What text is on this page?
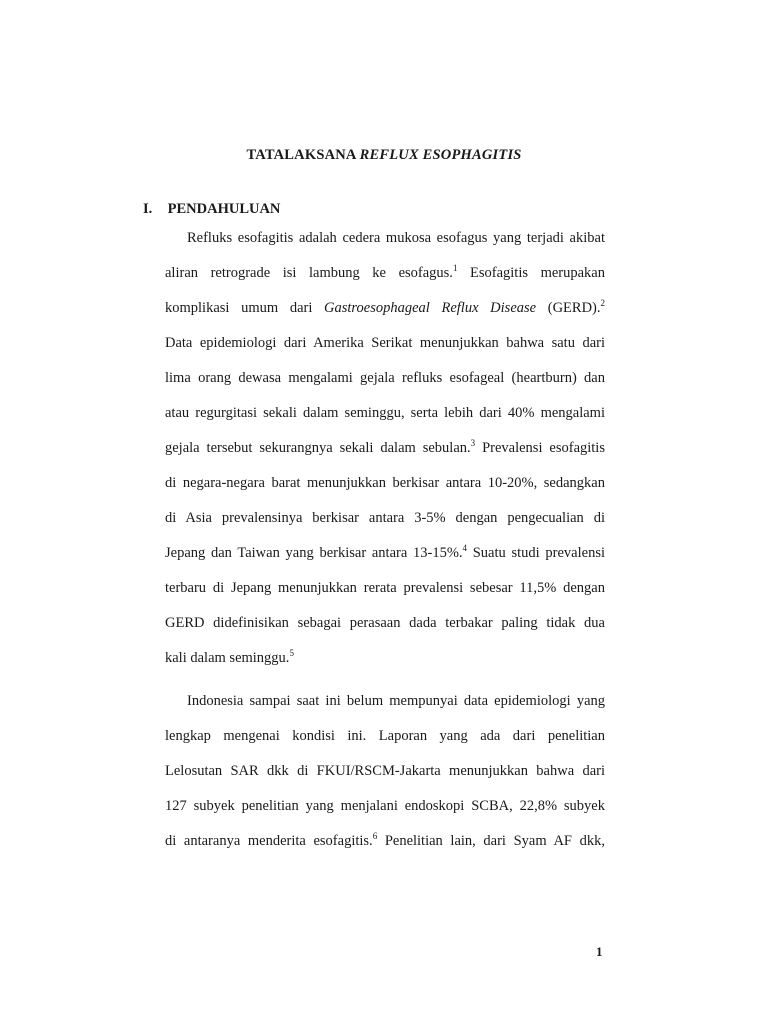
TATALAKSANA REFLUX ESOPHAGITIS
I. PENDAHULUAN
Refluks esofagitis adalah cedera mukosa esofagus yang terjadi akibat
aliran retrograde isi lambung ke esofagus.$^1$ Esofagitis merupakan
komplikasi umum dari Gastroesophageal Reflux Disease (GERD).$^2$
Data epidemiologi dari Amerika Serikat menunjukkan bahwa satu dari
lima orang dewasa mengalami gejala refluks esofageal (heartburn) dan
atau regurgitasi sekali dalam seminggu, serta lebih dari 40% mengalami
gejala tersebut sekurangnya sekali dalam sebulan.$^3$ Prevalensi esofagitis
di negara-negara barat menunjukkan berkisar antara 10-20%, sedangkan
di Asia prevalensinya berkisar antara 3-5% dengan pengecualian di
Jepang dan Taiwan yang berkisar antara 13-15%.$^4$ Suatu studi prevalensi
terbaru di Jepang menunjukkan rerata prevalensi sebesar 11,5% dengan
GERD didefinisikan sebagai perasaan dada terbakar paling tidak dua
kali dalam seminggu.$^5$
Indonesia sampai saat ini belum mempunyai data epidemiologi yang
lengkap mengenai kondisi ini. Laporan yang ada dari penelitian
Lelosutan SAR dkk di FKUI/RSCM-Jakarta menunjukkan bahwa dari
127 subyek penelitian yang menjalani endoskopi SCBA, 22,8% subyek
di antaranya menderita esofagitis.$^6$ Penelitian lain, dari Syam AF dkk,
1
